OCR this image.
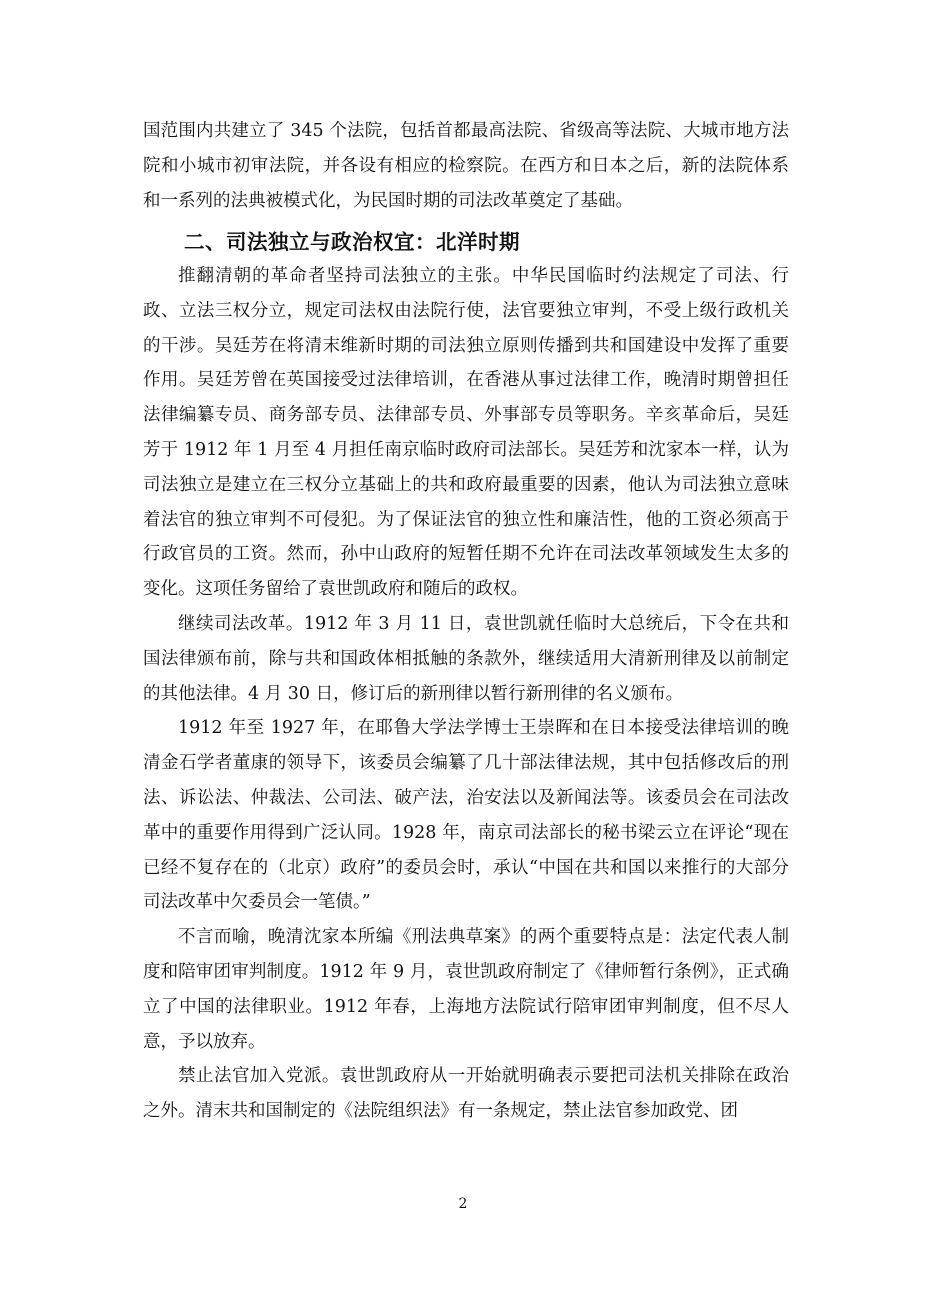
国范围内共建立了 345 个法院，包括首都最高法院、省级高等法院、大城市地方法院和小城市初审法院，并各设有相应的检察院。在西方和日本之后，新的法院体系和一系列的法典被模式化，为民国时期的司法改革奠定了基础。

二、司法独立与政治权宜：北洋时期

推翻清朝的革命者坚持司法独立的主张。中华民国临时约法规定了司法、行政、立法三权分立，规定司法权由法院行使，法官要独立审判，不受上级行政机关的干涉。吴廷芳在将清末维新时期的司法独立原则传播到共和国建设中发挥了重要作用。吴廷芳曾在英国接受过法律培训，在香港从事过法律工作，晚清时期曾担任法律编纂专员、商务部专员、法律部专员、外事部专员等职务。辛亥革命后，吴廷芳于 1912 年 1 月至 4 月担任南京临时政府司法部长。吴廷芳和沈家本一样，认为司法独立是建立在三权分立基础上的共和政府最重要的因素，他认为司法独立意味着法官的独立审判不可侵犯。为了保证法官的独立性和廉洁性，他的工资必须高于行政官员的工资。然而，孙中山政府的短暂任期不允许在司法改革领域发生太多的变化。这项任务留给了袁世凯政府和随后的政权。

继续司法改革。1912 年 3 月 11 日，袁世凯就任临时大总统后，下令在共和国法律颁布前，除与共和国政体相抵触的条款外，继续适用大清新刑律及以前制定的其他法律。4 月 30 日，修订后的新刑律以暂行新刑律的名义颁布。

1912 年至 1927 年，在耶鲁大学法学博士王崇晖和在日本接受法律培训的晚清金石学者董康的领导下，该委员会编纂了几十部法律法规，其中包括修改后的刑法、诉讼法、仲裁法、公司法、破产法，治安法以及新闻法等。该委员会在司法改革中的重要作用得到广泛认同。1928 年，南京司法部长的秘书梁云立在评论“现在已经不复存在的（北京）政府”的委员会时，承认“中国在共和国以来推行的大部分司法改革中欠委员会一笔债。”

不言而喻，晚清沈家本所编《刑法典草案》的两个重要特点是：法定代表人制度和陪审团审判制度。1912 年 9 月，袁世凯政府制定了《律师暂行条例》，正式确立了中国的法律职业。1912 年春，上海地方法院试行陪审团审判制度，但不尽人意，予以放弃。

禁止法官加入党派。袁世凯政府从一开始就明确表示要把司法机关排除在政治之外。清末共和国制定的《法院组织法》有一条规定，禁止法官参加政党、团

2
